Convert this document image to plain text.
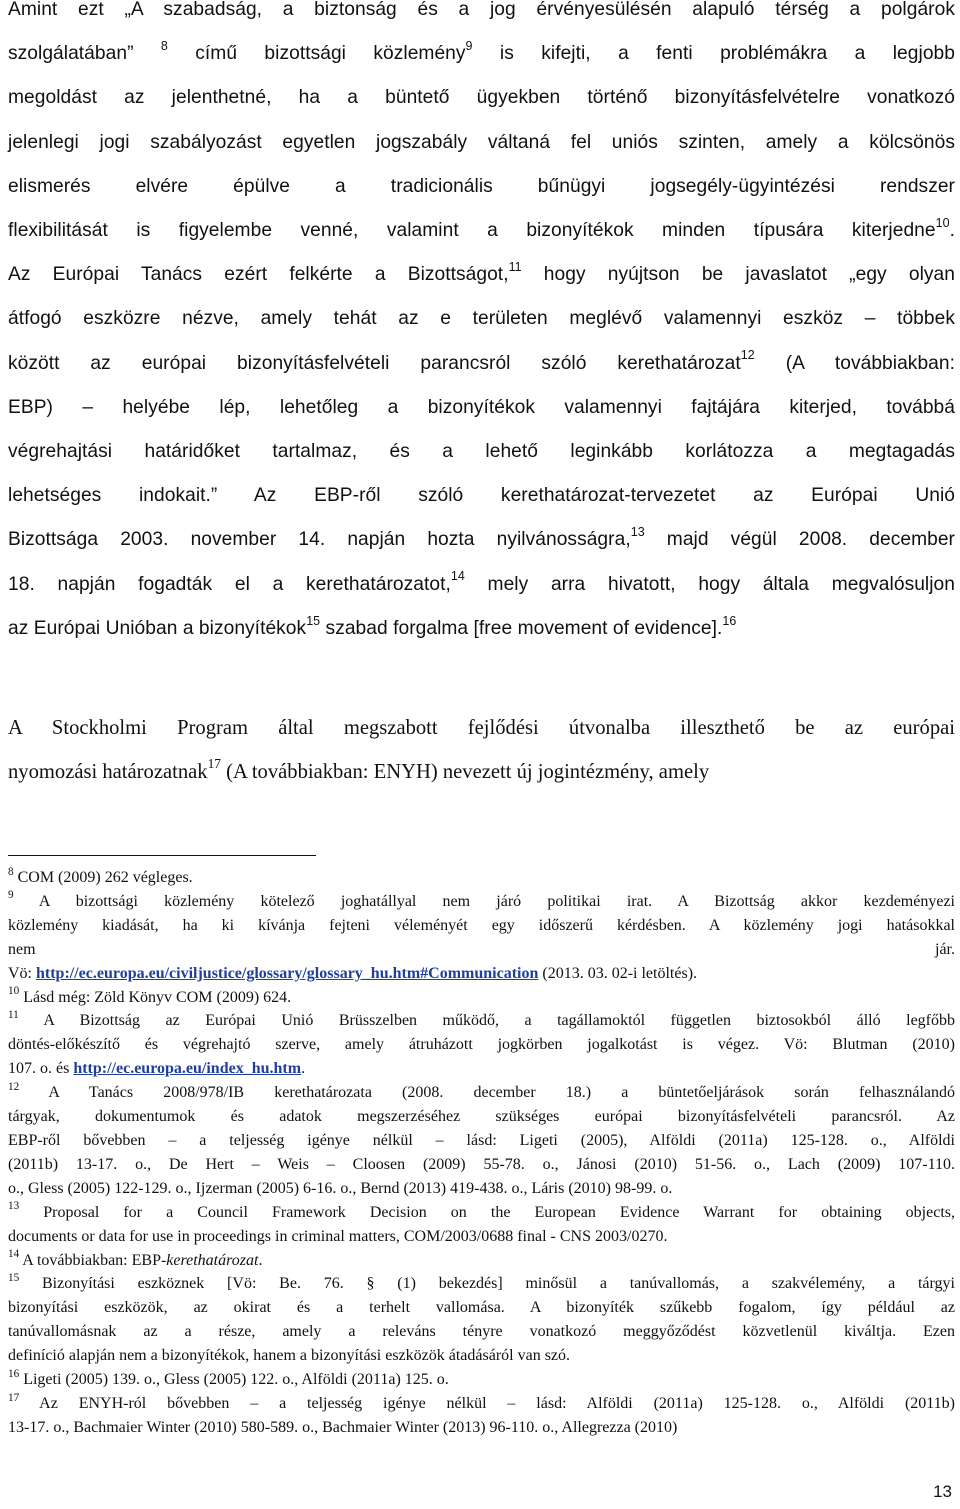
Amint ezt „A szabadság, a biztonság és a jog érvényesülésén alapuló térség a polgárok
szolgálatában” $^8$ című bizottsági közlemény$^9$ is kifejti, a fenti problémákra a legjobb
megoldást az jelenthetné, ha a büntető ügyekben történő bizonyításfelvételre vonatkozó
jelenlegi jogi szabályozást egyetlen jogszabály váltaná fel uniós szinten, amely a kölcsönös
elismerés elvére épülve a tradicionális bűnügyi jogsegély-ügyintézési rendszer
flexibilitását is figyelembe venné, valamint a bizonyítékok minden típusára kiterjedne$^{10}$.
Az Európai Tanács ezért felkérte a Bizottságot,$^{11}$ hogy nyújtson be javaslatot „egy olyan
átfogó eszközre nézve, amely tehát az e területen meglévő valamennyi eszköz – többek
között az európai bizonyításfelvételi parancsról szóló kerethatározat$^{12}$ (A továbbiakban:
EBP) – helyébe lép, lehetőleg a bizonyítékok valamennyi fajtájára kiterjed, továbbá
végrehajtási határidőket tartalmaz, és a lehető leginkább korlátozza a megtagadás
lehetséges indokait.” Az EBP-ről szóló kerethatározat-tervezetet az Európai Unió
Bizottsága 2003. november 14. napján hozta nyilvánosságra,$^{13}$ majd végül 2008. december
18. napján fogadták el a kerethatározatot,$^{14}$ mely arra hivatott, hogy általa megvalósuljon
az Európai Unióban a bizonyítékok$^{15}$ szabad forgalma [free movement of evidence].$^{16}$
A Stockholmi Program által megszabott fejlődési útvonalba illeszthető be az európai
nyomozási határozatnak$^{17}$ (A továbbiakban: ENYH) nevezett új jogintézmény, amely
$^8$ COM (2009) 262 végleges.
$^9$ A bizottsági közlemény kötelező joghatállyal nem járó politikai irat. A Bizottság akkor kezdeményezi
közlemény kiadását, ha ki kívánja fejteni véleményét egy időszerű kérdésben. A közlemény jogi hatásokkal
nem jár.
Vö: http://ec.europa.eu/civiljustice/glossary/glossary_hu.htm#Communication (2013. 03. 02-i letöltés).
$^{10}$ Lásd még: Zöld Könyv COM (2009) 624.
$^{11}$ A Bizottság az Európai Unió Brüsszelben működő, a tagállamoktól független biztosokból álló legfőbb
döntés-előkészítő és végrehajtó szerve, amely átruházott jogkörben jogalkotást is végez. Vö: Blutman (2010)
107. o. és http://ec.europa.eu/index_hu.htm.
$^{12}$ A Tanács 2008/978/IB kerethatározata (2008. december 18.) a büntetőeljárások során felhasználandó
tárgyak, dokumentumok és adatok megszerzéséhez szükséges európai bizonyításfelvételi parancsról. Az
EBP-ről bővebben – a teljesség igénye nélkül – lásd: Ligeti (2005), Alföldi (2011a) 125-128. o., Alföldi
(2011b) 13-17. o., De Hert – Weis – Cloosen (2009) 55-78. o., Jánosi (2010) 51-56. o., Lach (2009) 107-110.
o., Gless (2005) 122-129. o., Ijzerman (2005) 6-16. o., Bernd (2013) 419-438. o., Láris (2010) 98-99. o.
$^{13}$ Proposal for a Council Framework Decision on the European Evidence Warrant for obtaining objects,
documents or data for use in proceedings in criminal matters, COM/2003/0688 final - CNS 2003/0270.
$^{14}$ A továbbiakban: EBP-kerethatározat.
$^{15}$ Bizonyítási eszköznek [Vö: Be. 76. § (1) bekezdés] minősül a tanúvallomás, a szakvélemény, a tárgyi
bizonyítási eszközök, az okirat és a terhelt vallomása. A bizonyíték szűkebb fogalom, így például az
tanúvallomásnak az a része, amely a releváns tényre vonatkozó meggyőződést közvetlenül kiváltja. Ezen
definíció alapján nem a bizonyítékok, hanem a bizonyítási eszközök átadásáról van szó.
$^{16}$ Ligeti (2005) 139. o., Gless (2005) 122. o., Alföldi (2011a) 125. o.
$^{17}$ Az ENYH-ról bővebben – a teljesség igénye nélkül – lásd: Alföldi (2011a) 125-128. o., Alföldi (2011b)
13-17. o., Bachmaier Winter (2010) 580-589. o., Bachmaier Winter (2013) 96-110. o., Allegrezza (2010)
13
